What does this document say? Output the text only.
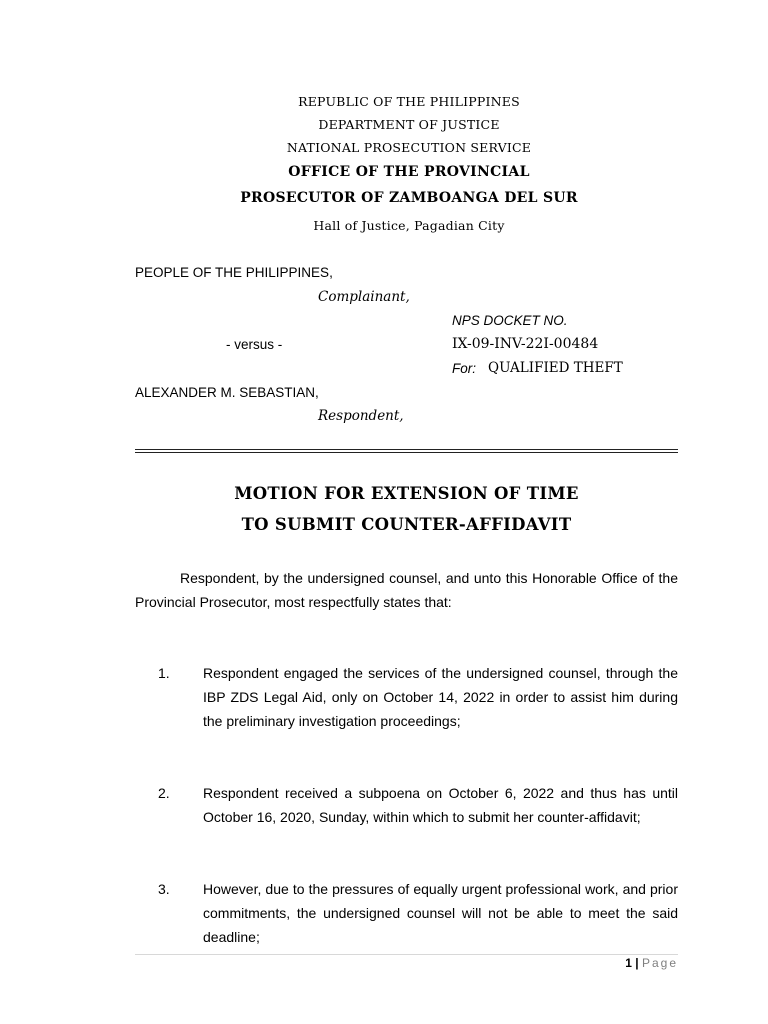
REPUBLIC OF THE PHILIPPINES
DEPARTMENT OF JUSTICE
NATIONAL PROSECUTION SERVICE
OFFICE OF THE PROVINCIAL
PROSECUTOR OF ZAMBOANGA DEL SUR
Hall of Justice, Pagadian City
PEOPLE OF THE PHILIPPINES,
Complainant,
NPS DOCKET NO.
- versus -	IX-09-INV-22I-00484
For: QUALIFIED THEFT
ALEXANDER M. SEBASTIAN,
Respondent,
MOTION FOR EXTENSION OF TIME
TO SUBMIT COUNTER-AFFIDAVIT
Respondent, by the undersigned counsel, and unto this Honorable Office of the Provincial Prosecutor, most respectfully states that:
1. Respondent engaged the services of the undersigned counsel, through the IBP ZDS Legal Aid, only on October 14, 2022 in order to assist him during the preliminary investigation proceedings;
2. Respondent received a subpoena on October 6, 2022 and thus has until October 16, 2020, Sunday, within which to submit her counter-affidavit;
3. However, due to the pressures of equally urgent professional work, and prior commitments, the undersigned counsel will not be able to meet the said deadline;
1 | Page
